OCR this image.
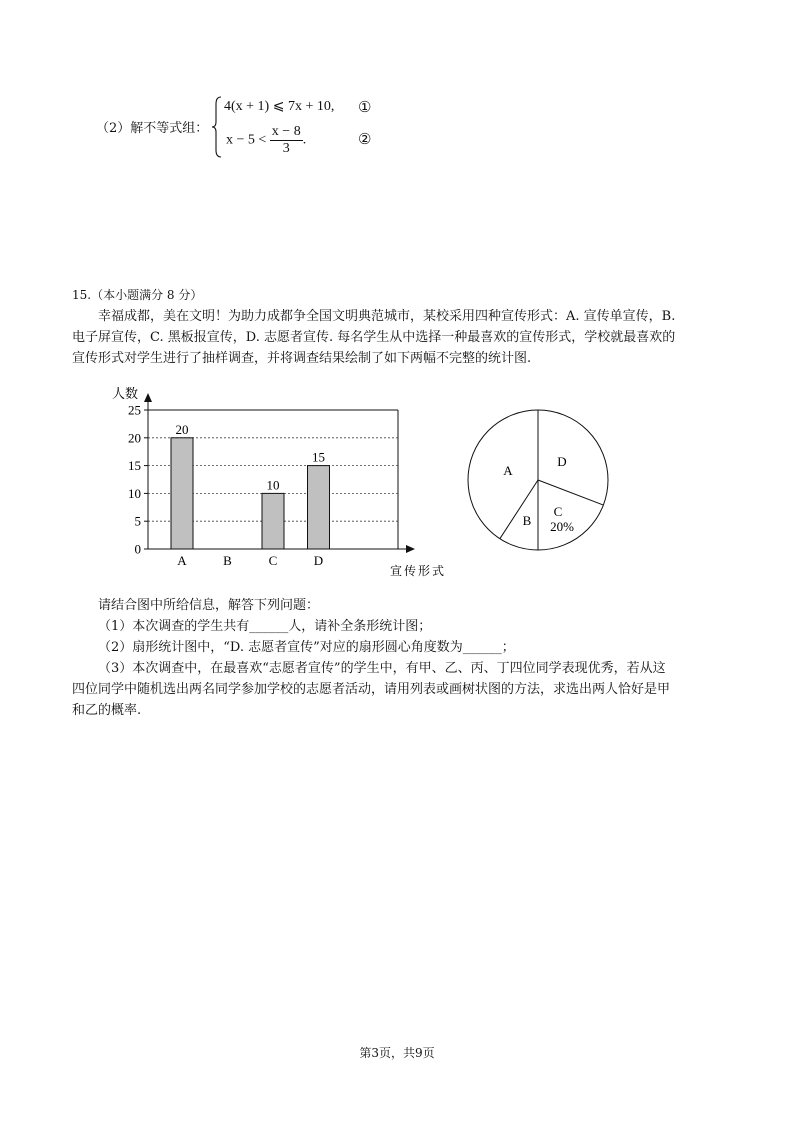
（2）解不等式组：
4(x + 1) ⩽ 7x + 10, ①
$x - 5 < \frac{x - 8}{3}$ .	②
15.（本小题满分 8 分）
幸福成都，美在文明！为助力成都争全国文明典范城市，某校采用四种宣传形式：A. 宣传单宣传，B.
电子屏宣传，C. 黑板报宣传，D. 志愿者宣传. 每名学生从中选择一种最喜欢的宣传形式，学校就最喜欢的
宣传形式对学生进行了抽样调查，并将调查结果绘制了如下两幅不完整的统计图.
0
5
10
15
20
25
20
A	B
10
C
15
D
人数
宣传形式
A
D
C
20%
B
请结合图中所给信息，解答下列问题：
（1）本次调查的学生共有______人，请补全条形统计图；
（2）扇形统计图中，“D. 志愿者宣传”对应的扇形圆心角度数为______；
（3）本次调查中，在最喜欢“志愿者宣传”的学生中，有甲、乙、丙、丁四位同学表现优秀，若从这
四位同学中随机选出两名同学参加学校的志愿者活动，请用列表或画树状图的方法，求选出两人恰好是甲
和乙的概率.
第3页，共9页
